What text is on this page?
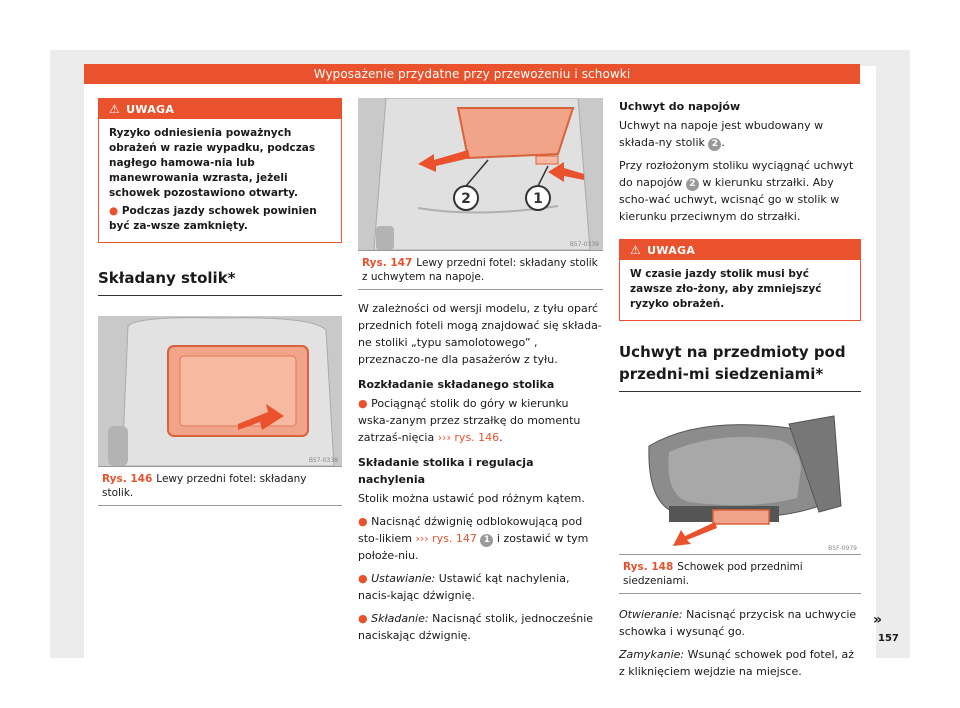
Wyposażenie przydatne przy przewożeniu i schowki
⚠ UWAGA
Ryzyko odniesienia poważnych obrażeń w razie wypadku, podczas nagłego hamowa-nia lub manewrowania wzrasta, jeżeli schowek pozostawiono otwarty.
● Podczas jazdy schowek powinien być za-wsze zamknięty.
Składany stolik*
B57-0338
Rys. 146 Lewy przedni fotel: składany stolik.
2	1
B57-0339
Rys. 147 Lewy przedni fotel: składany stolik z uchwytem na napoje.

W zależności od wersji modelu, z tyłu oparć przednich foteli mogą znajdować się składa-ne stoliki „typu samolotowego” , przeznaczo-ne dla pasażerów z tyłu.

Rozkładanie składanego stolika

● Pociągnąć stolik do góry w kierunku wska-zanym przez strzałkę do momentu zatrzaś-nięcia ››› rys. 146.

Składanie stolika i regulacja nachylenia

Stolik można ustawić pod różnym kątem.

● Nacisnąć dźwignię odblokowującą pod sto-likiem ››› rys. 147 1 i zostawić w tym położe-niu.

● Ustawianie: Ustawić kąt nachylenia, nacis-kając dźwignię.

● Składanie: Nacisnąć stolik, jednocześnie naciskając dźwignię.

Uchwyt do napojów

Uchwyt na napoje jest wbudowany w składa-ny stolik 2 .

Przy rozłożonym stoliku wyciągnąć uchwyt do napojów 2 w kierunku strzałki. Aby scho-wać uchwyt, wcisnąć go w stolik w kierunku przeciwnym do strzałki.

⚠ UWAGA
W czasie jazdy stolik musi być zawsze zło-żony, aby zmniejszyć ryzyko obrażeń.
Uchwyt na przedmioty pod przedni-mi siedzeniami*
B5F-0979
Rys. 148 Schowek pod przednimi siedzeniami.

Otwieranie: Nacisnąć przycisk na uchwycie schowka i wysunąć go.

Zamykanie: Wsunąć schowek pod fotel, aż z kliknięciem wejdzie na miejsce.

»
157
